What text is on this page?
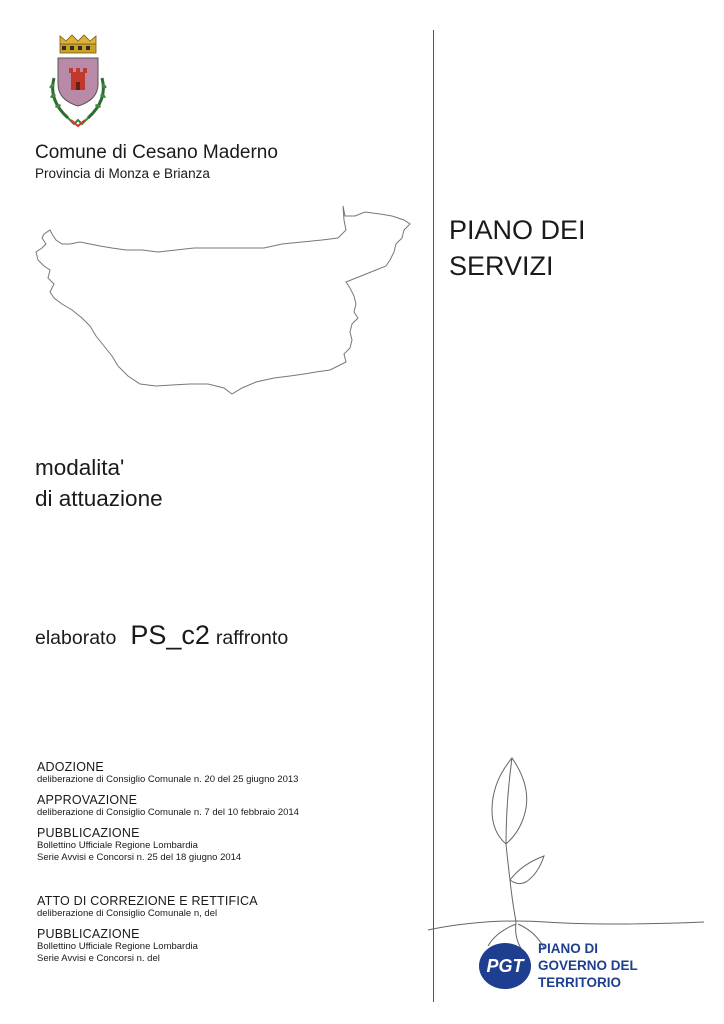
Comune di Cesano Maderno
Provincia di Monza e Brianza
PIANO DEI
SERVIZI
modalita'
di attuazione
elaborato PS_c2 raffronto
ADOZIONE
deliberazione di Consiglio Comunale n. 20 del 25 giugno 2013
APPROVAZIONE
deliberazione di Consiglio Comunale n. 7 del 10 febbraio 2014
PUBBLICAZIONE
Bollettino Ufficiale Regione Lombardia
Serie Avvisi e Concorsi n. 25 del 18 giugno 2014
ATTO DI CORREZIONE E RETTIFICA
deliberazione di Consiglio Comunale n, del
PUBBLICAZIONE
Bollettino Ufficiale Regione Lombardia
Serie Avvisi e Concorsi n. del	PGT
PIANO DI
GOVERNO DEL
TERRITORIO
